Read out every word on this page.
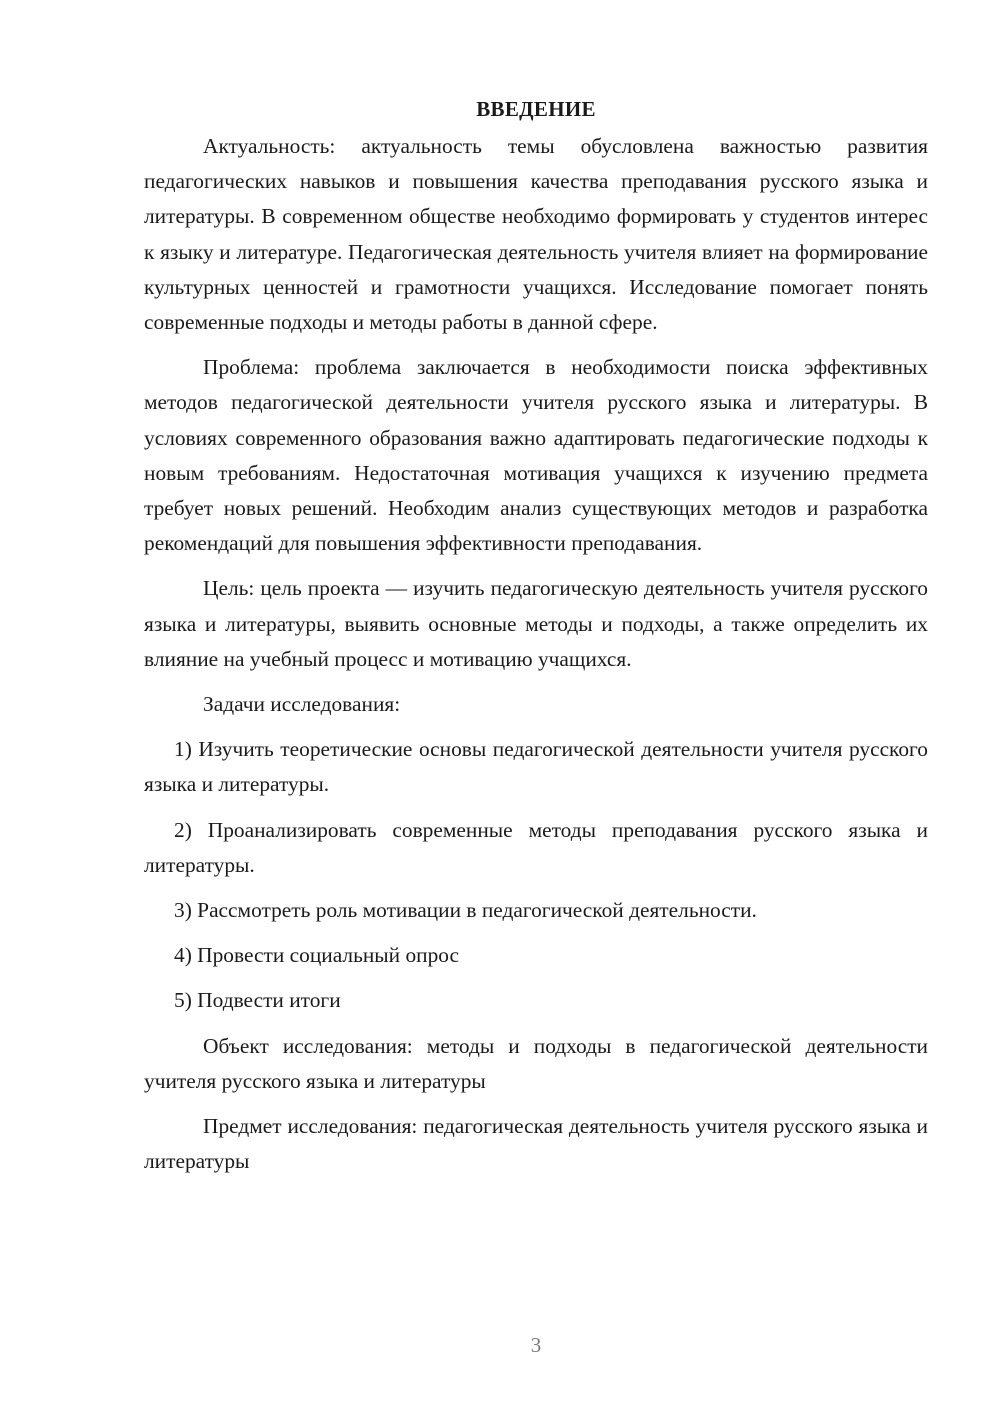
ВВЕДЕНИЕ

Актуальность: актуальность темы обусловлена важностью развития педагогических навыков и повышения качества преподавания русского языка и литературы. В современном обществе необходимо формировать у студентов интерес к языку и литературе. Педагогическая деятельность учителя влияет на формирование культурных ценностей и грамотности учащихся. Исследование помогает понять современные подходы и методы работы в данной сфере.

Проблема: проблема заключается в необходимости поиска эффективных методов педагогической деятельности учителя русского языка и литературы. В условиях современного образования важно адаптировать педагогические подходы к новым требованиям. Недостаточная мотивация учащихся к изучению предмета требует новых решений. Необходим анализ существующих методов и разработка рекомендаций для повышения эффективности преподавания.

Цель: цель проекта — изучить педагогическую деятельность учителя русского языка и литературы, выявить основные методы и подходы, а также определить их влияние на учебный процесс и мотивацию учащихся.

Задачи исследования:

1) Изучить теоретические основы педагогической деятельности учителя русского языка и литературы.

2) Проанализировать современные методы преподавания русского языка и литературы.

3) Рассмотреть роль мотивации в педагогической деятельности.

4) Провести социальный опрос

5) Подвести итоги

Объект исследования: методы и подходы в педагогической деятельности учителя русского языка и литературы

Предмет исследования: педагогическая деятельность учителя русского языка и литературы

3
